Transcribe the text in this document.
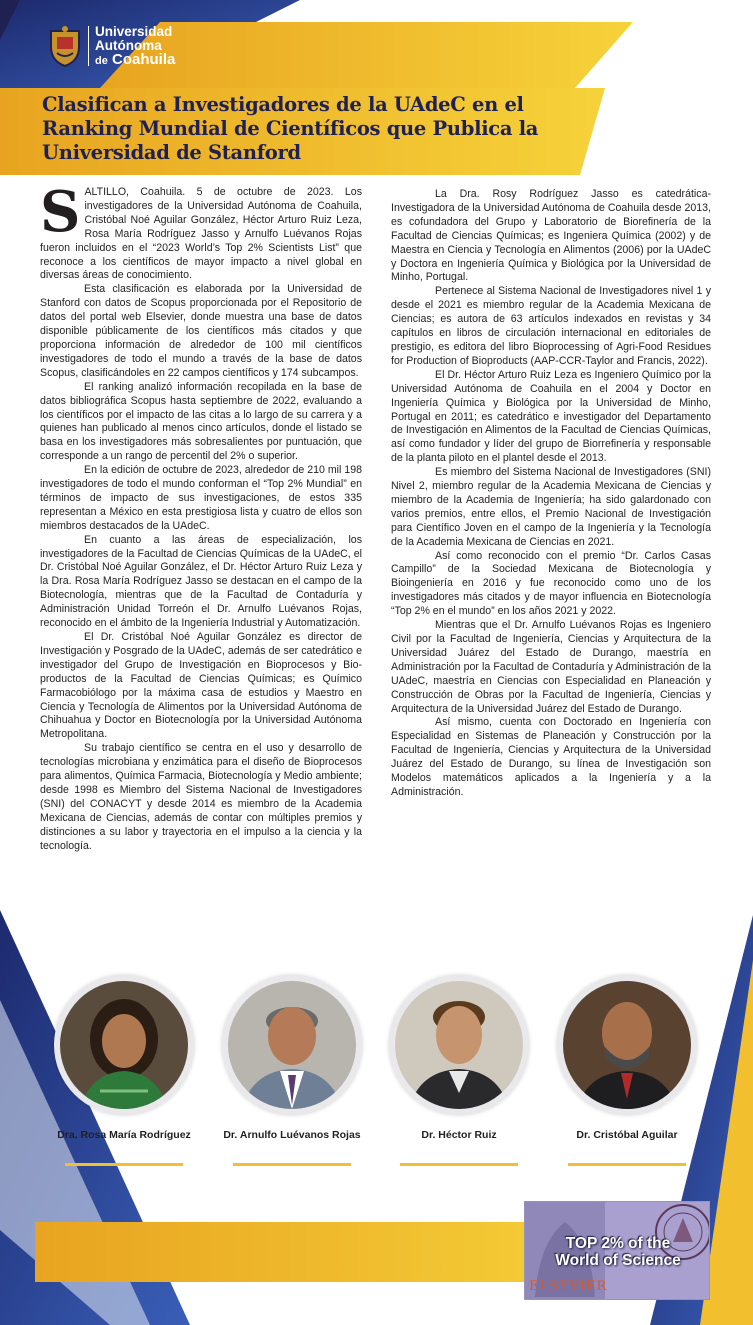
Universidad
Autónoma
de Coahuila
Clasifican a Investigadores de la UAdeC en el Ranking Mundial de Científicos que Publica la Universidad de Stanford

SALTILLO, Coahuila. 5 de octubre de 2023. Los investigadores de la Universidad Autónoma de Coahuila, Cristóbal Noé Aguilar González, Héctor Arturo Ruiz Leza, Rosa María Rodríguez Jasso y Arnulfo Luévanos Rojas fueron incluidos en el “2023 World’s Top 2% Scientists List” que reconoce a los científicos de mayor impacto a nivel global en diversas áreas de conocimiento.

Esta clasificación es elaborada por la Universidad de Stanford con datos de Scopus proporcionada por el Repositorio de datos del portal web Elsevier, donde muestra una base de datos disponible públicamente de los científicos más citados y que proporciona información de alrededor de 100 mil científicos investigadores de todo el mundo a través de la base de datos Scopus, clasificándoles en 22 campos científicos y 174 subcampos.

El ranking analizó información recopilada en la base de datos bibliográfica Scopus hasta septiembre de 2022, evaluando a los científicos por el impacto de las citas a lo largo de su carrera y a quienes han publicado al menos cinco artículos, donde el listado se basa en los investigadores más sobresalientes por puntuación, que corresponde a un rango de percentil del 2% o superior.

En la edición de octubre de 2023, alrededor de 210 mil 198 investigadores de todo el mundo conforman el “Top 2% Mundial” en términos de impacto de sus investigaciones, de estos 335 representan a México en esta prestigiosa lista y cuatro de ellos son miembros destacados de la UAdeC.

En cuanto a las áreas de especialización, los investigadores de la Facultad de Ciencias Químicas de la UAdeC, el Dr. Cristóbal Noé Aguilar González, el Dr. Héctor Arturo Ruiz Leza y la Dra. Rosa María Rodríguez Jasso se destacan en el campo de la Biotecnología, mientras que de la Facultad de Contaduría y Administración Unidad Torreón el Dr. Arnulfo Luévanos Rojas, reconocido en el ámbito de la Ingeniería Industrial y Automatización.

El Dr. Cristóbal Noé Aguilar González es director de Investigación y Posgrado de la UAdeC, además de ser catedrático e investigador del Grupo de Investigación en Bioprocesos y Bio-productos de la Facultad de Ciencias Químicas; es Químico Farmacobiólogo por la máxima casa de estudios y Maestro en Ciencia y Tecnología de Alimentos por la Universidad Autónoma de Chihuahua y Doctor en Biotecnología por la Universidad Autónoma Metropolitana.

Su trabajo científico se centra en el uso y desarrollo de tecnologías microbiana y enzimática para el diseño de Bioprocesos para alimentos, Química Farmacia, Biotecnología y Medio ambiente; desde 1998 es Miembro del Sistema Nacional de Investigadores (SNI) del CONACYT y desde 2014 es miembro de la Academia Mexicana de Ciencias, además de contar con múltiples premios y distinciones a su labor y trayectoria en el impulso a la ciencia y la tecnología.

La Dra. Rosy Rodríguez Jasso es catedrática-Investigadora de la Universidad Autónoma de Coahuila desde 2013, es cofundadora del Grupo y Laboratorio de Biorefinería de la Facultad de Ciencias Químicas; es Ingeniera Química (2002) y de Maestra en Ciencia y Tecnología en Alimentos (2006) por la UAdeC y Doctora en Ingeniería Química y Biológica por la Universidad de Minho, Portugal.

Pertenece al Sistema Nacional de Investigadores nivel 1 y desde el 2021 es miembro regular de la Academia Mexicana de Ciencias; es autora de 63 artículos indexados en revistas y 34 capítulos en libros de circulación internacional en editoriales de prestigio, es editora del libro Bioprocessing of Agri-Food Residues for Production of Bioproducts (AAP-CCR-Taylor and Francis, 2022).

El Dr. Héctor Arturo Ruiz Leza es Ingeniero Químico por la Universidad Autónoma de Coahuila en el 2004 y Doctor en Ingeniería Química y Biológica por la Universidad de Minho, Portugal en 2011; es catedrático e investigador del Departamento de Investigación en Alimentos de la Facultad de Ciencias Químicas, así como fundador y líder del grupo de Biorrefinería y responsable de la planta piloto en el plantel desde el 2013.

Es miembro del Sistema Nacional de Investigadores (SNI) Nivel 2, miembro regular de la Academia Mexicana de Ciencias y miembro de la Academia de Ingeniería; ha sido galardonado con varios premios, entre ellos, el Premio Nacional de Investigación para Científico Joven en el campo de la Ingeniería y la Tecnología de la Academia Mexicana de Ciencias en 2021.

Así como reconocido con el premio “Dr. Carlos Casas Campillo” de la Sociedad Mexicana de Biotecnología y Bioingeniería en 2016 y fue reconocido como uno de los investigadores más citados y de mayor influencia en Biotecnología “Top 2% en el mundo” en los años 2021 y 2022.

Mientras que el Dr. Arnulfo Luévanos Rojas es Ingeniero Civil por la Facultad de Ingeniería, Ciencias y Arquitectura de la Universidad Juárez del Estado de Durango, maestría en Administración por la Facultad de Contaduría y Administración de la UAdeC, maestría en Ciencias con Especialidad en Planeación y Construcción de Obras por la Facultad de Ingeniería, Ciencias y Arquitectura de la Universidad Juárez del Estado de Durango.

Así mismo, cuenta con Doctorado en Ingeniería con Especialidad en Sistemas de Planeación y Construcción por la Facultad de Ingeniería, Ciencias y Arquitectura de la Universidad Juárez del Estado de Durango, su línea de Investigación son Modelos matemáticos aplicados a la Ingeniería y a la Administración.

Dra. Rosa María Rodríguez	Dr. Arnulfo Luévanos Rojas	Dr. Héctor Ruiz	Dr. Cristóbal Aguilar
TOP 2% of the
World of Science
ELSEVIER
